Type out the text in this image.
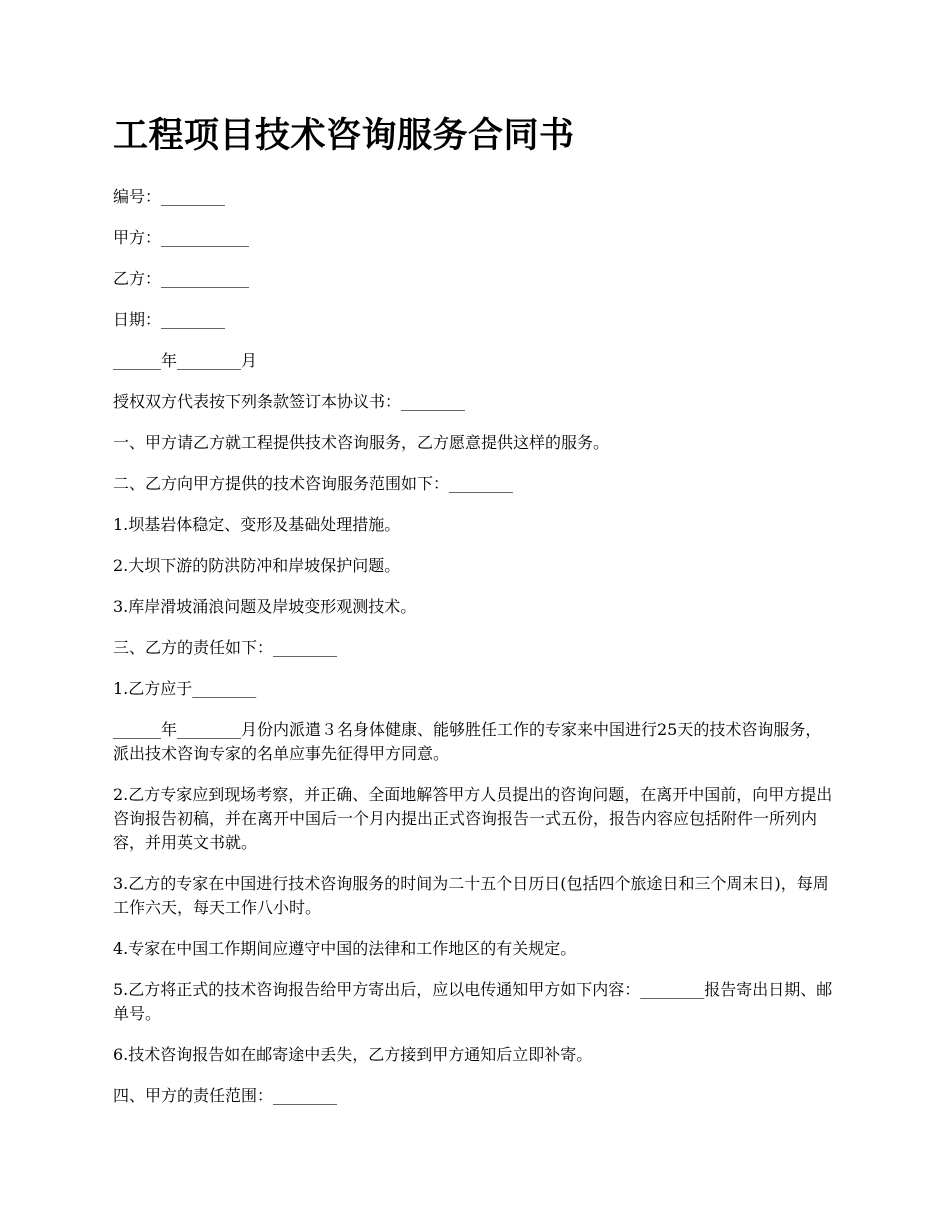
工程项目技术咨询服务合同书

编号：________

甲方：___________

乙方：___________

日期：________

______年________月

授权双方代表按下列条款签订本协议书：________

一、甲方请乙方就工程提供技术咨询服务，乙方愿意提供这样的服务。

二、乙方向甲方提供的技术咨询服务范围如下：________

1.坝基岩体稳定、变形及基础处理措施。

2.大坝下游的防洪防冲和岸坡保护问题。

3.库岸滑坡涌浪问题及岸坡变形观测技术。

三、乙方的责任如下：________

1.乙方应于________

______年________月份内派遣３名身体健康、能够胜任工作的专家来中国进行25天的技术咨询服务，派出技术咨询专家的名单应事先征得甲方同意。

2.乙方专家应到现场考察，并正确、全面地解答甲方人员提出的咨询问题，在离开中国前，向甲方提出咨询报告初稿，并在离开中国后一个月内提出正式咨询报告一式五份，报告内容应包括附件一所列内容，并用英文书就。

3.乙方的专家在中国进行技术咨询服务的时间为二十五个日历日(包括四个旅途日和三个周末日)，每周工作六天，每天工作八小时。

4.专家在中国工作期间应遵守中国的法律和工作地区的有关规定。

5.乙方将正式的技术咨询报告给甲方寄出后，应以电传通知甲方如下内容：________报告寄出日期、邮单号。

6.技术咨询报告如在邮寄途中丢失，乙方接到甲方通知后立即补寄。

四、甲方的责任范围：________
